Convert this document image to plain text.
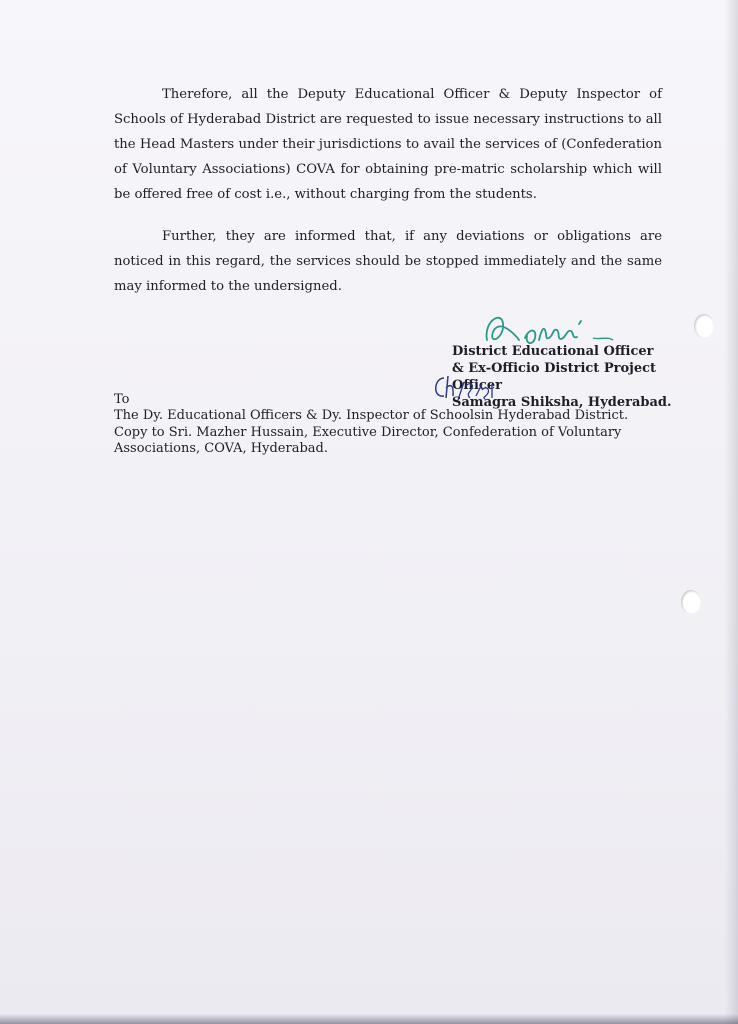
Therefore, all the Deputy Educational Officer & Deputy Inspector of Schools of Hyderabad District are requested to issue necessary instructions to all the Head Masters under their jurisdictions to avail the services of (Confederation of Voluntary Associations) COVA for obtaining pre-matric scholarship which will be offered free of cost i.e., without charging from the students.

Further, they are informed that, if any deviations or obligations are noticed in this regard, the services should be stopped immediately and the same may informed to the undersigned.

District Educational Officer
& Ex-Officio District Project Officer
Samagra Shiksha, Hyderabad.
To
The Dy. Educational Officers & Dy. Inspector of Schoolsin Hyderabad District.
Copy to Sri. Mazher Hussain, Executive Director, Confederation of Voluntary Associations, COVA, Hyderabad.
